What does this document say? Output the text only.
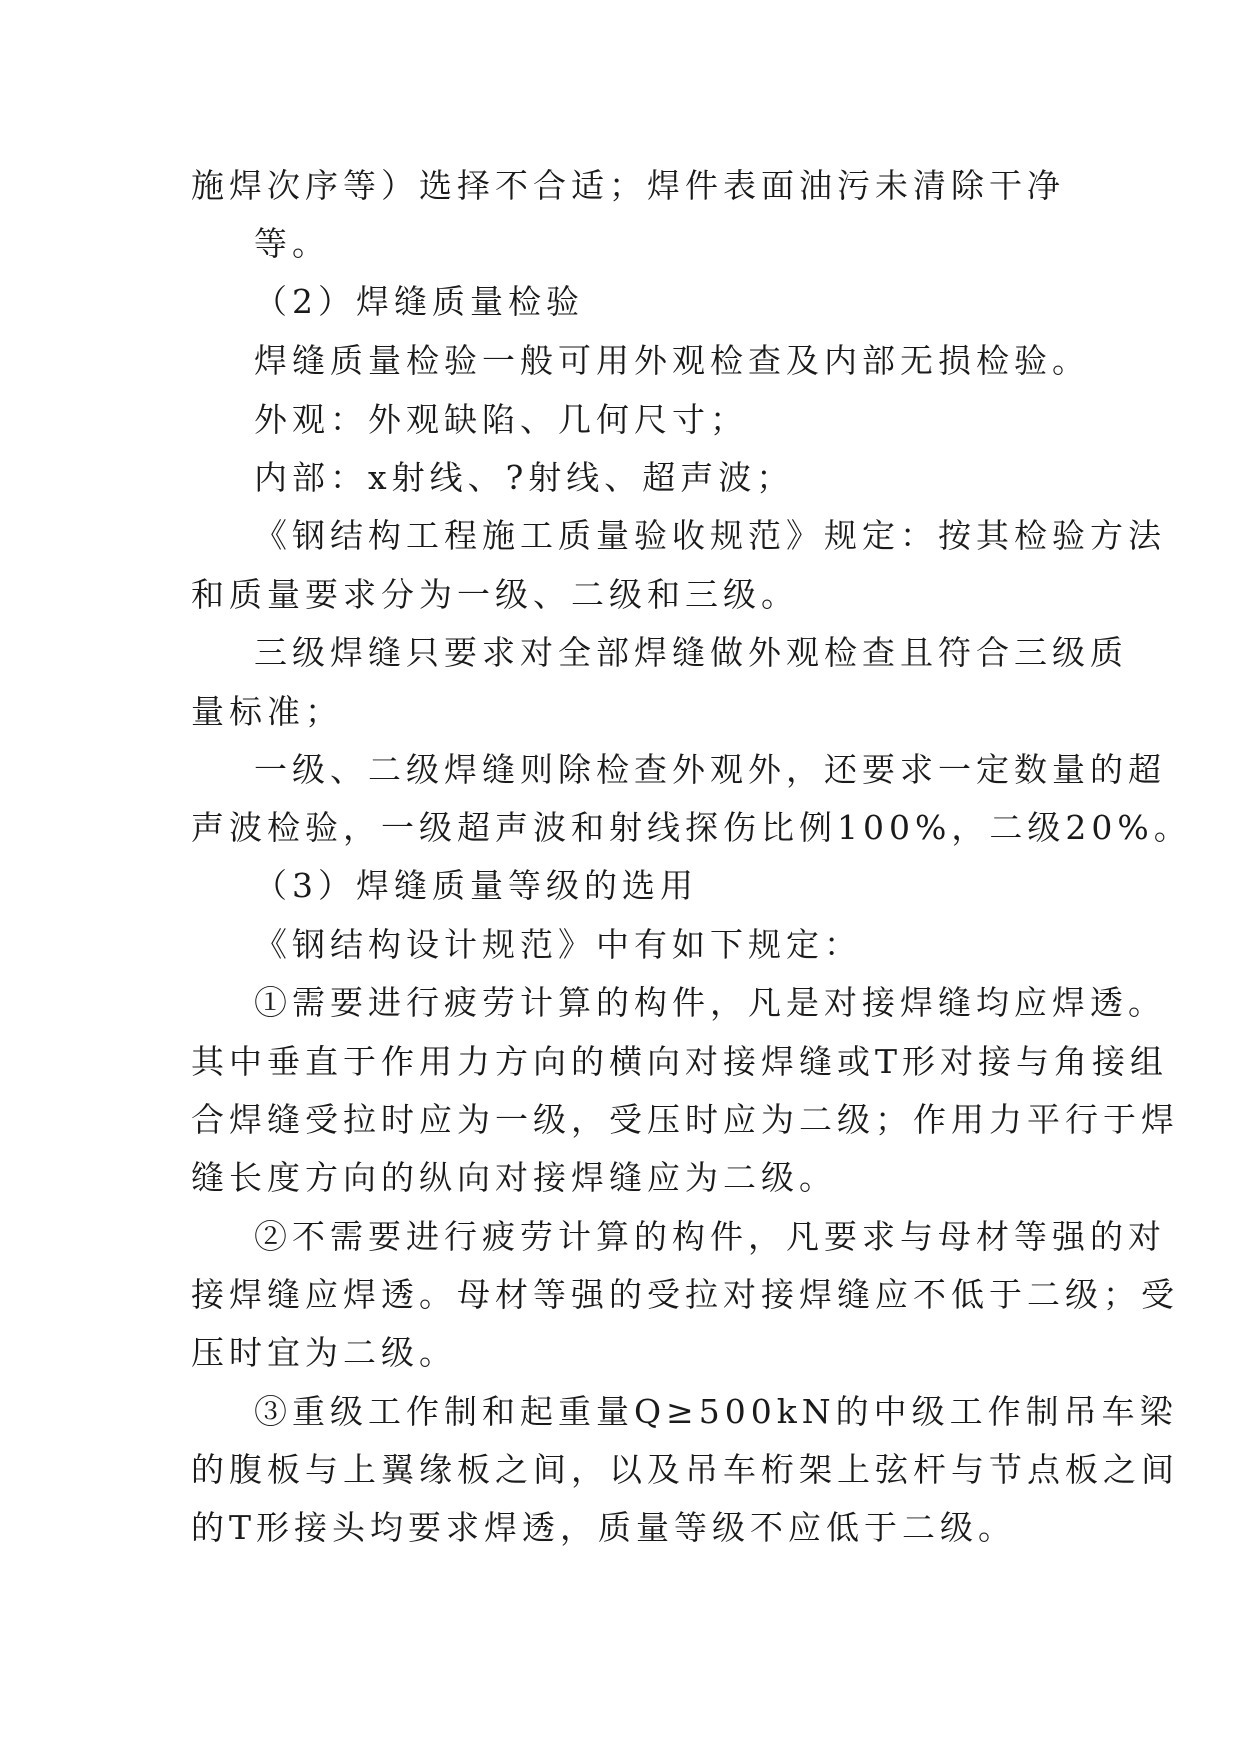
施焊次序等）选择不合适；焊件表面油污未清除干净
等。
（2）焊缝质量检验
焊缝质量检验一般可用外观检查及内部无损检验。
外观：外观缺陷、几何尺寸；
内部：x射线、?射线、超声波；
《钢结构工程施工质量验收规范》规定：按其检验方法
和质量要求分为一级、二级和三级。
三级焊缝只要求对全部焊缝做外观检查且符合三级质
量标准；
一级、二级焊缝则除检查外观外，还要求一定数量的超
声波检验，一级超声波和射线探伤比例100%，二级20%。
（3）焊缝质量等级的选用
《钢结构设计规范》中有如下规定：
①需要进行疲劳计算的构件，凡是对接焊缝均应焊透。
其中垂直于作用力方向的横向对接焊缝或T形对接与角接组
合焊缝受拉时应为一级，受压时应为二级；作用力平行于焊
缝长度方向的纵向对接焊缝应为二级。
②不需要进行疲劳计算的构件，凡要求与母材等强的对
接焊缝应焊透。母材等强的受拉对接焊缝应不低于二级；受
压时宜为二级。
③重级工作制和起重量Q≥500kN的中级工作制吊车梁
的腹板与上翼缘板之间，以及吊车桁架上弦杆与节点板之间
的T形接头均要求焊透，质量等级不应低于二级。
